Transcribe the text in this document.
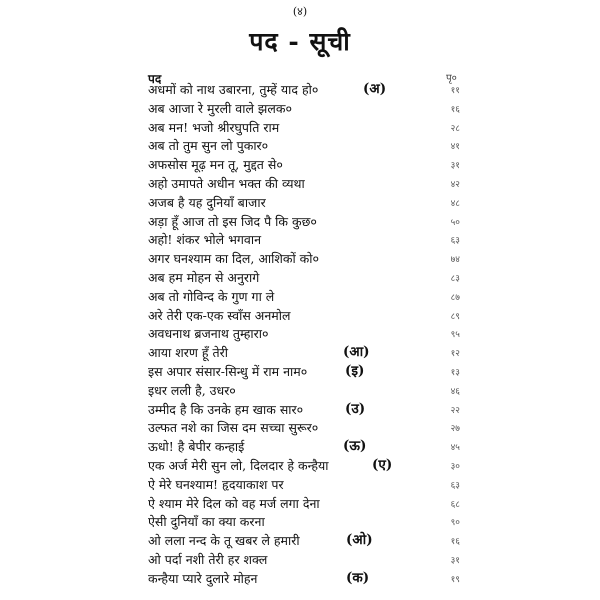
(४)
पद - सूची
पद	पृ०
अधमों को नाथ उबारना, तुम्हें याद हो०	(अ)	११
अब आजा रे मुरली वाले झलक०	१६
अब मन! भजो श्रीरघुपति राम	२८
अब तो तुम सुन लो पुकार०	४१
अफसोस मूढ़ मन तू, मुद्दत से०	३१
अहो उमापते अधीन भक्त की व्यथा	४२
अजब है यह दुनियाँ बाजार	४८
अड़ा हूँ आज तो इस जिद पै कि कुछ०	५०
अहो! शंकर भोले भगवान	६३
अगर घनश्याम का दिल, आशिकों को०	७४
अब हम मोहन से अनुरागे	८३
अब तो गोविन्द के गुण गा ले	८७
अरे तेरी एक-एक स्वाँस अनमोल	८९
अवधनाथ ब्रजनाथ तुम्हारा०	९५
आया शरण हूँ तेरी	(आ)	१२
इस अपार संसार-सिन्धु में राम नाम०	(इ)	१३
इधर लली है, उधर०	४६
उम्मीद है कि उनके हम खाक सार०	(उ)	२२
उल्फत नशे का जिस दम सच्चा सुरूर०	२७
ऊधो! है बेपीर कन्हाई	(ऊ)	४५
एक अर्ज मेरी सुन लो, दिलदार हे कन्हैया	(ए)	३०
ऐ मेरे घनश्याम! हृदयाकाश पर	६३
ऐ श्याम मेरे दिल को वह मर्ज लगा देना	६८
ऐसी दुनियाँ का क्या करना	९०
ओ लला नन्द के तू खबर ले हमारी	(ओ)	१६
ओ पर्दा नशी तेरी हर शक्ल	३१
कन्हैया प्यारे दुलारे मोहन	(क)	१९
